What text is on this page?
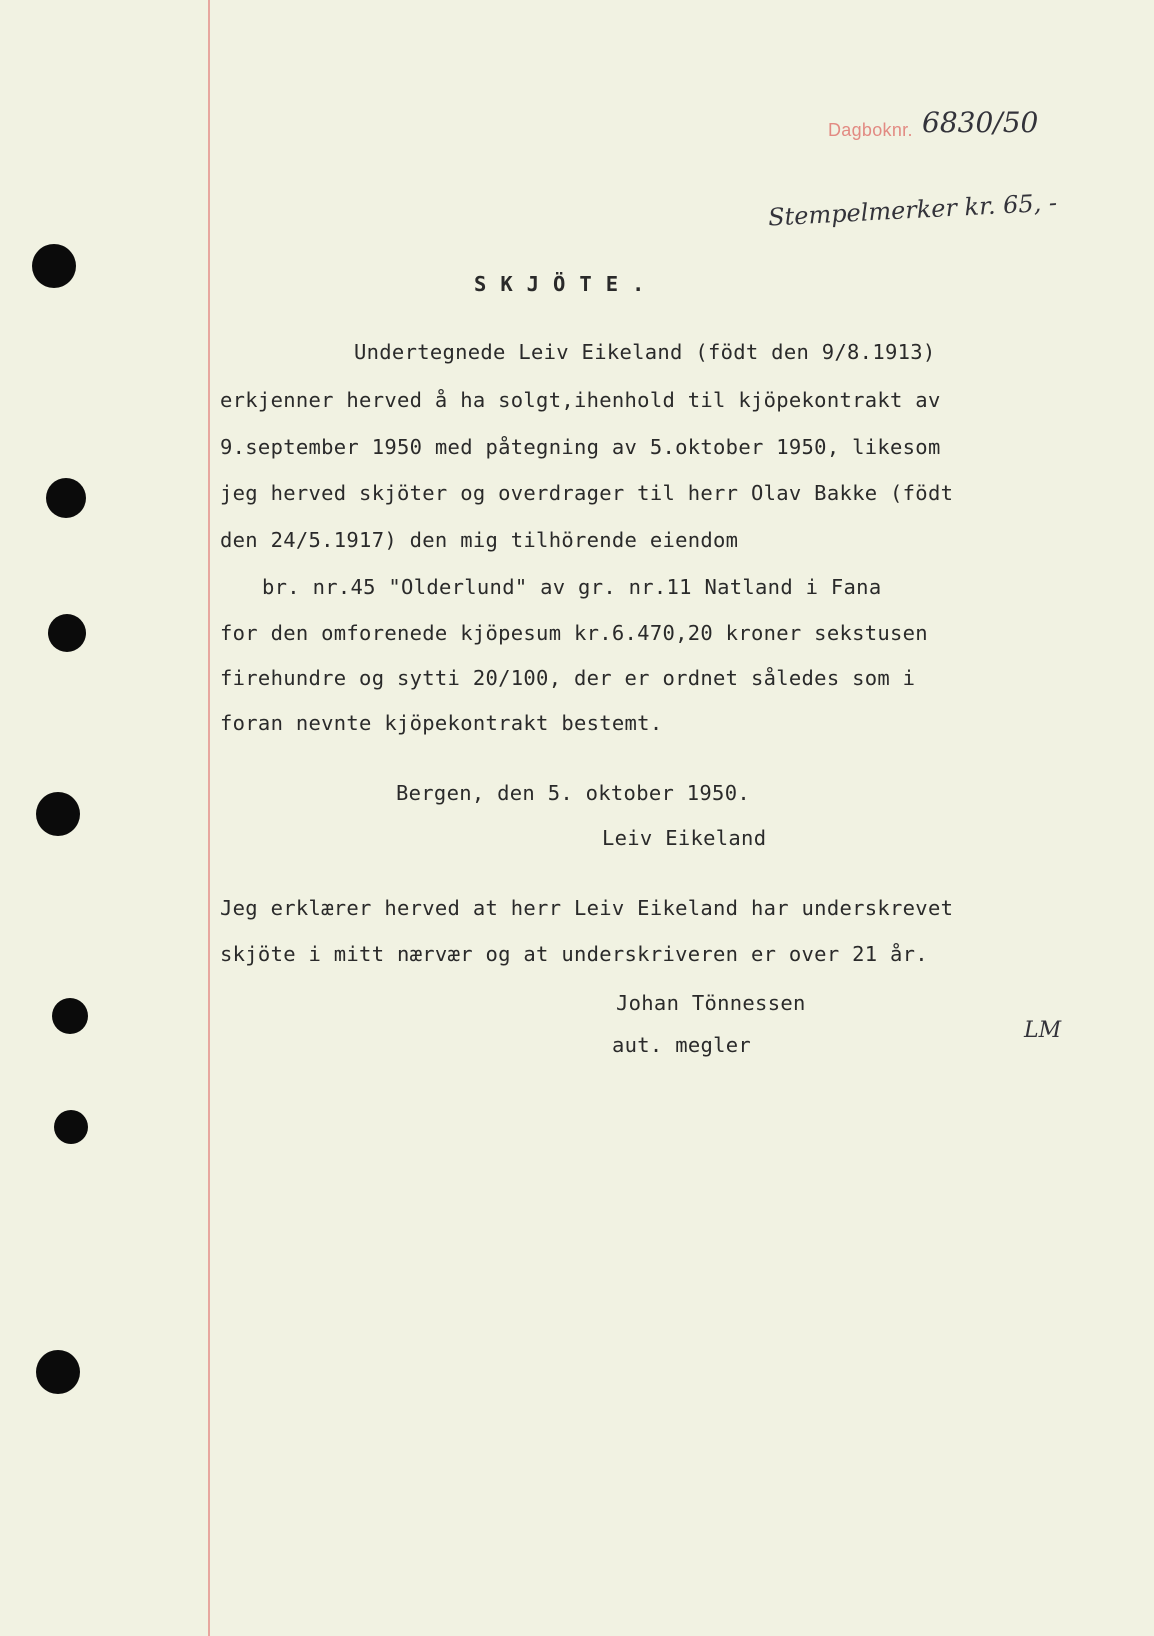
Dagboknr. 6830/50
Stempelmerker kr. 65, -
SKJÖTE.
Undertegnede Leiv Eikeland (födt den 9/8.1913)
erkjenner herved å ha solgt,ihenhold til kjöpekontrakt av
9.september 1950 med påtegning av 5.oktober 1950, likesom
jeg herved skjöter og overdrager til herr Olav Bakke (födt
den 24/5.1917) den mig tilhörende eiendom
br. nr.45 "Olderlund" av gr. nr.11 Natland i Fana
for den omforenede kjöpesum kr.6.470,20 kroner sekstusen
firehundre og sytti 20/100, der er ordnet således som i
foran nevnte kjöpekontrakt bestemt.
Bergen, den 5. oktober 1950.
Leiv Eikeland
Jeg erklærer herved at herr Leiv Eikeland har underskrevet
skjöte i mitt nærvær og at underskriveren er over 21 år.
Johan Tönnessen
aut. megler
LM
